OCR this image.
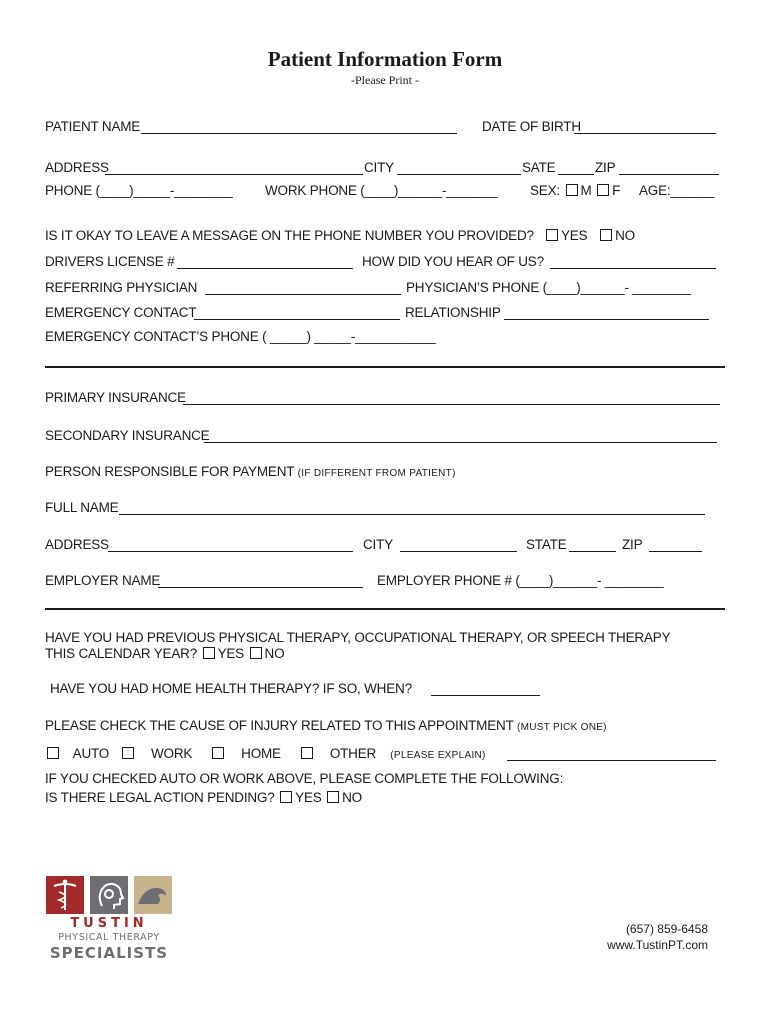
Patient Information Form
-Please Print -
PATIENT NAME	DATE OF BIRTH
ADDRESS	CITY	SATE	ZIP
PHONE (____)_____-________ WORK PHONE (____)______-_______ SEX: M F AGE:______
IS IT OKAY TO LEAVE A MESSAGE ON THE PHONE NUMBER YOU PROVIDED?	YES NO
DRIVERS LICENSE #	HOW DID YOU HEAR OF US?
REFERRING PHYSICIAN	PHYSICIAN’S PHONE (____)______- ________
EMERGENCY CONTACT	RELATIONSHIP
EMERGENCY CONTACT’S PHONE ( _____) _____-___________
PRIMARY INSURANCE
SECONDARY INSURANCE
PERSON RESPONSIBLE FOR PAYMENT (IF DIFFERENT FROM PATIENT)
FULL NAME
ADDRESS	CITY	STATE	ZIP
EMPLOYER NAME	EMPLOYER PHONE # (____)______- ________
HAVE YOU HAD PREVIOUS PHYSICAL THERAPY, OCCUPATIONAL THERAPY, OR SPEECH THERAPY
THIS CALENDAR YEAR? YES NO
HAVE YOU HAD HOME HEALTH THERAPY? IF SO, WHEN?
PLEASE CHECK THE CAUSE OF INJURY RELATED TO THIS APPOINTMENT (MUST PICK ONE)
AUTO	WORK	HOME	OTHER (PLEASE EXPLAIN)
IF YOU CHECKED AUTO OR WORK ABOVE, PLEASE COMPLETE THE FOLLOWING:
IS THERE LEGAL ACTION PENDING? YES NO
TUSTIN
PHYSICAL THERAPY
SPECIALISTS
(657) 859-6458
www.TustinPT.com
